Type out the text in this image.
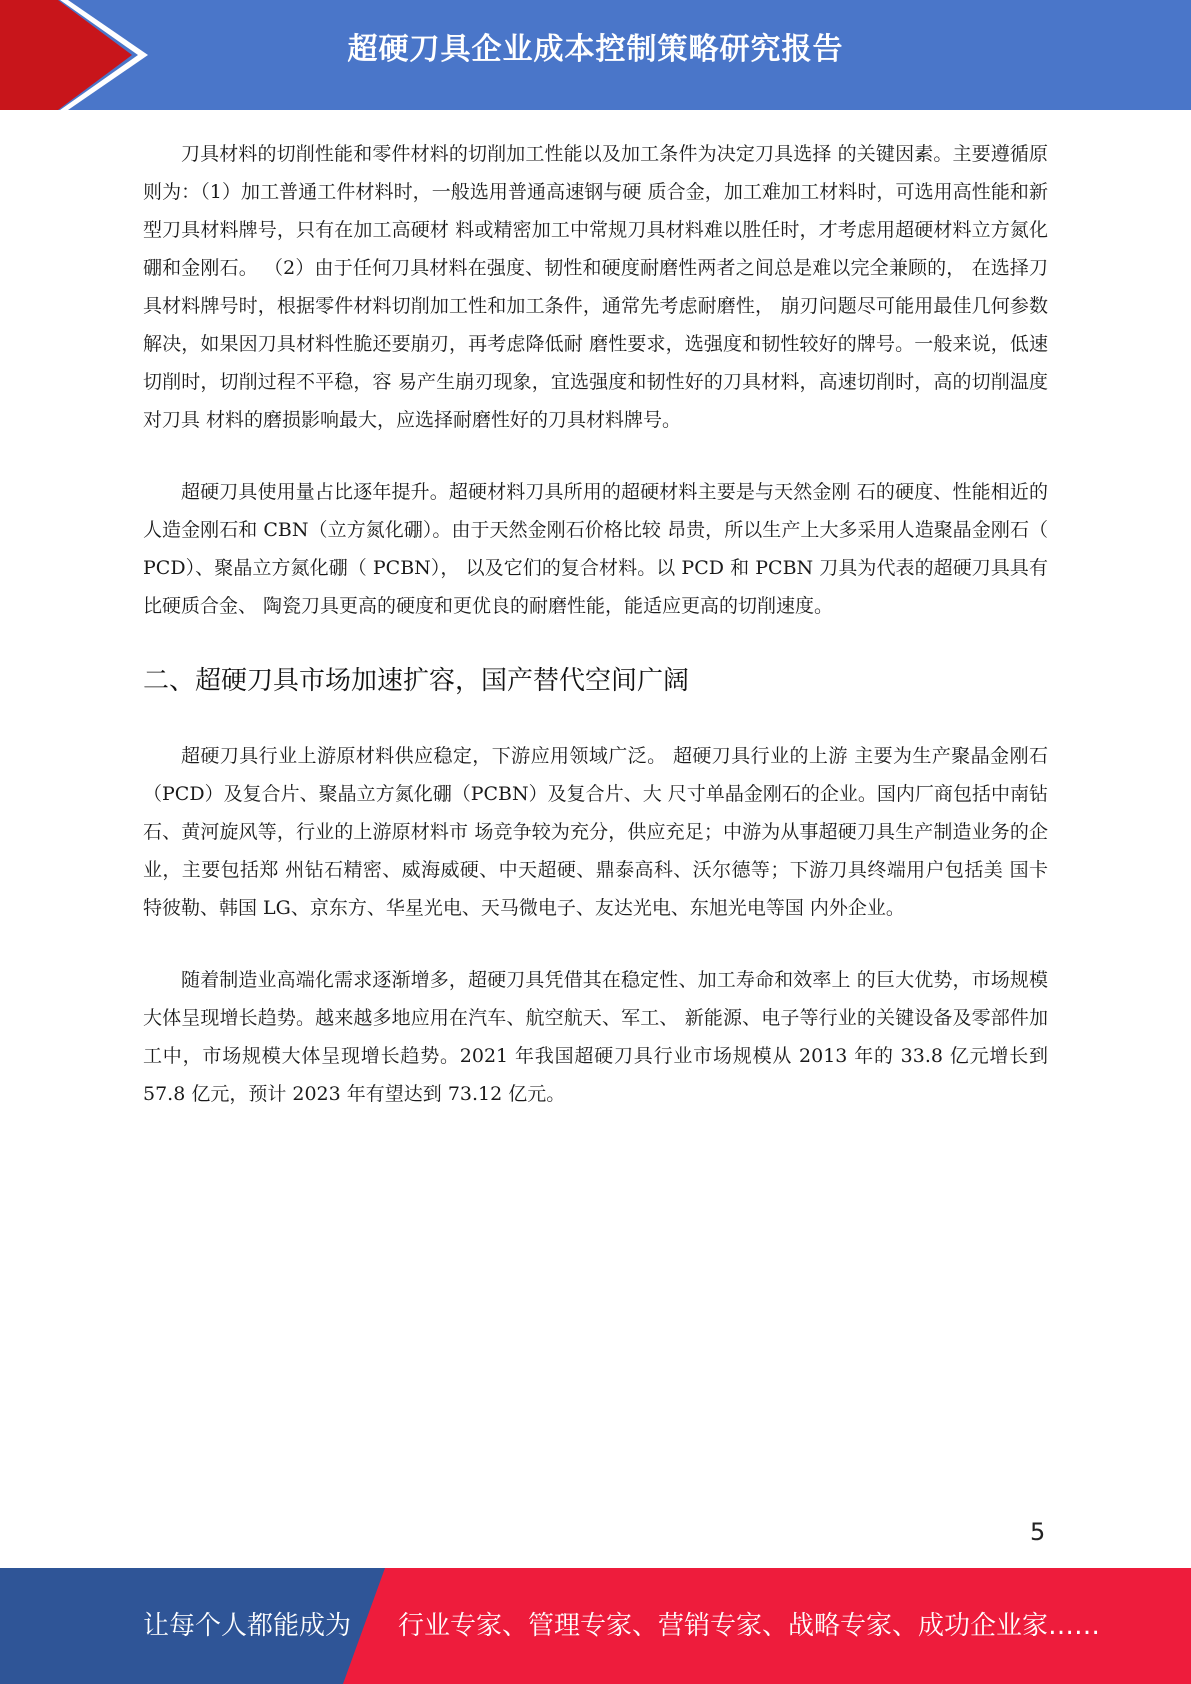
超硬刀具企业成本控制策略研究报告

刀具材料的切削性能和零件材料的切削加工性能以及加工条件为决定刀具选择 的关键因素。主要遵循原则为：（1）加工普通工件材料时，一般选用普通高速钢与硬 质合金，加工难加工材料时，可选用高性能和新型刀具材料牌号，只有在加工高硬材 料或精密加工中常规刀具材料难以胜任时，才考虑用超硬材料立方氮化硼和金刚石。 （2）由于任何刀具材料在强度、韧性和硬度耐磨性两者之间总是难以完全兼顾的， 在选择刀具材料牌号时，根据零件材料切削加工性和加工条件，通常先考虑耐磨性， 崩刃问题尽可能用最佳几何参数解决，如果因刀具材料性脆还要崩刃，再考虑降低耐 磨性要求，选强度和韧性较好的牌号。一般来说，低速切削时，切削过程不平稳，容 易产生崩刃现象，宜选强度和韧性好的刀具材料，高速切削时，高的切削温度对刀具 材料的磨损影响最大，应选择耐磨性好的刀具材料牌号。

超硬刀具使用量占比逐年提升。超硬材料刀具所用的超硬材料主要是与天然金刚 石的硬度、性能相近的人造金刚石和 CBN（立方氮化硼）。由于天然金刚石价格比较 昂贵，所以生产上大多采用人造聚晶金刚石（ PCD）、聚晶立方氮化硼（ PCBN）， 以及它们的复合材料。以 PCD 和 PCBN 刀具为代表的超硬刀具具有比硬质合金、 陶瓷刀具更高的硬度和更优良的耐磨性能，能适应更高的切削速度。

二、超硬刀具市场加速扩容，国产替代空间广阔

超硬刀具行业上游原材料供应稳定，下游应用领域广泛。 超硬刀具行业的上游 主要为生产聚晶金刚石（PCD）及复合片、聚晶立方氮化硼（PCBN）及复合片、大 尺寸单晶金刚石的企业。国内厂商包括中南钻石、黄河旋风等，行业的上游原材料市 场竞争较为充分，供应充足；中游为从事超硬刀具生产制造业务的企业，主要包括郑 州钻石精密、威海威硬、中天超硬、鼎泰高科、沃尔德等；下游刀具终端用户包括美 国卡特彼勒、韩国 LG、京东方、华星光电、天马微电子、友达光电、东旭光电等国 内外企业。

随着制造业高端化需求逐渐增多，超硬刀具凭借其在稳定性、加工寿命和效率上 的巨大优势，市场规模大体呈现增长趋势。越来越多地应用在汽车、航空航天、军工、 新能源、电子等行业的关键设备及零部件加工中，市场规模大体呈现增长趋势。2021 年我国超硬刀具行业市场规模从 2013 年的 33.8 亿元增长到 57.8 亿元，预计 2023 年有望达到 73.12 亿元。

5
让每个人都能成为 行业专家、管理专家、营销专家、战略专家、成功企业家……
